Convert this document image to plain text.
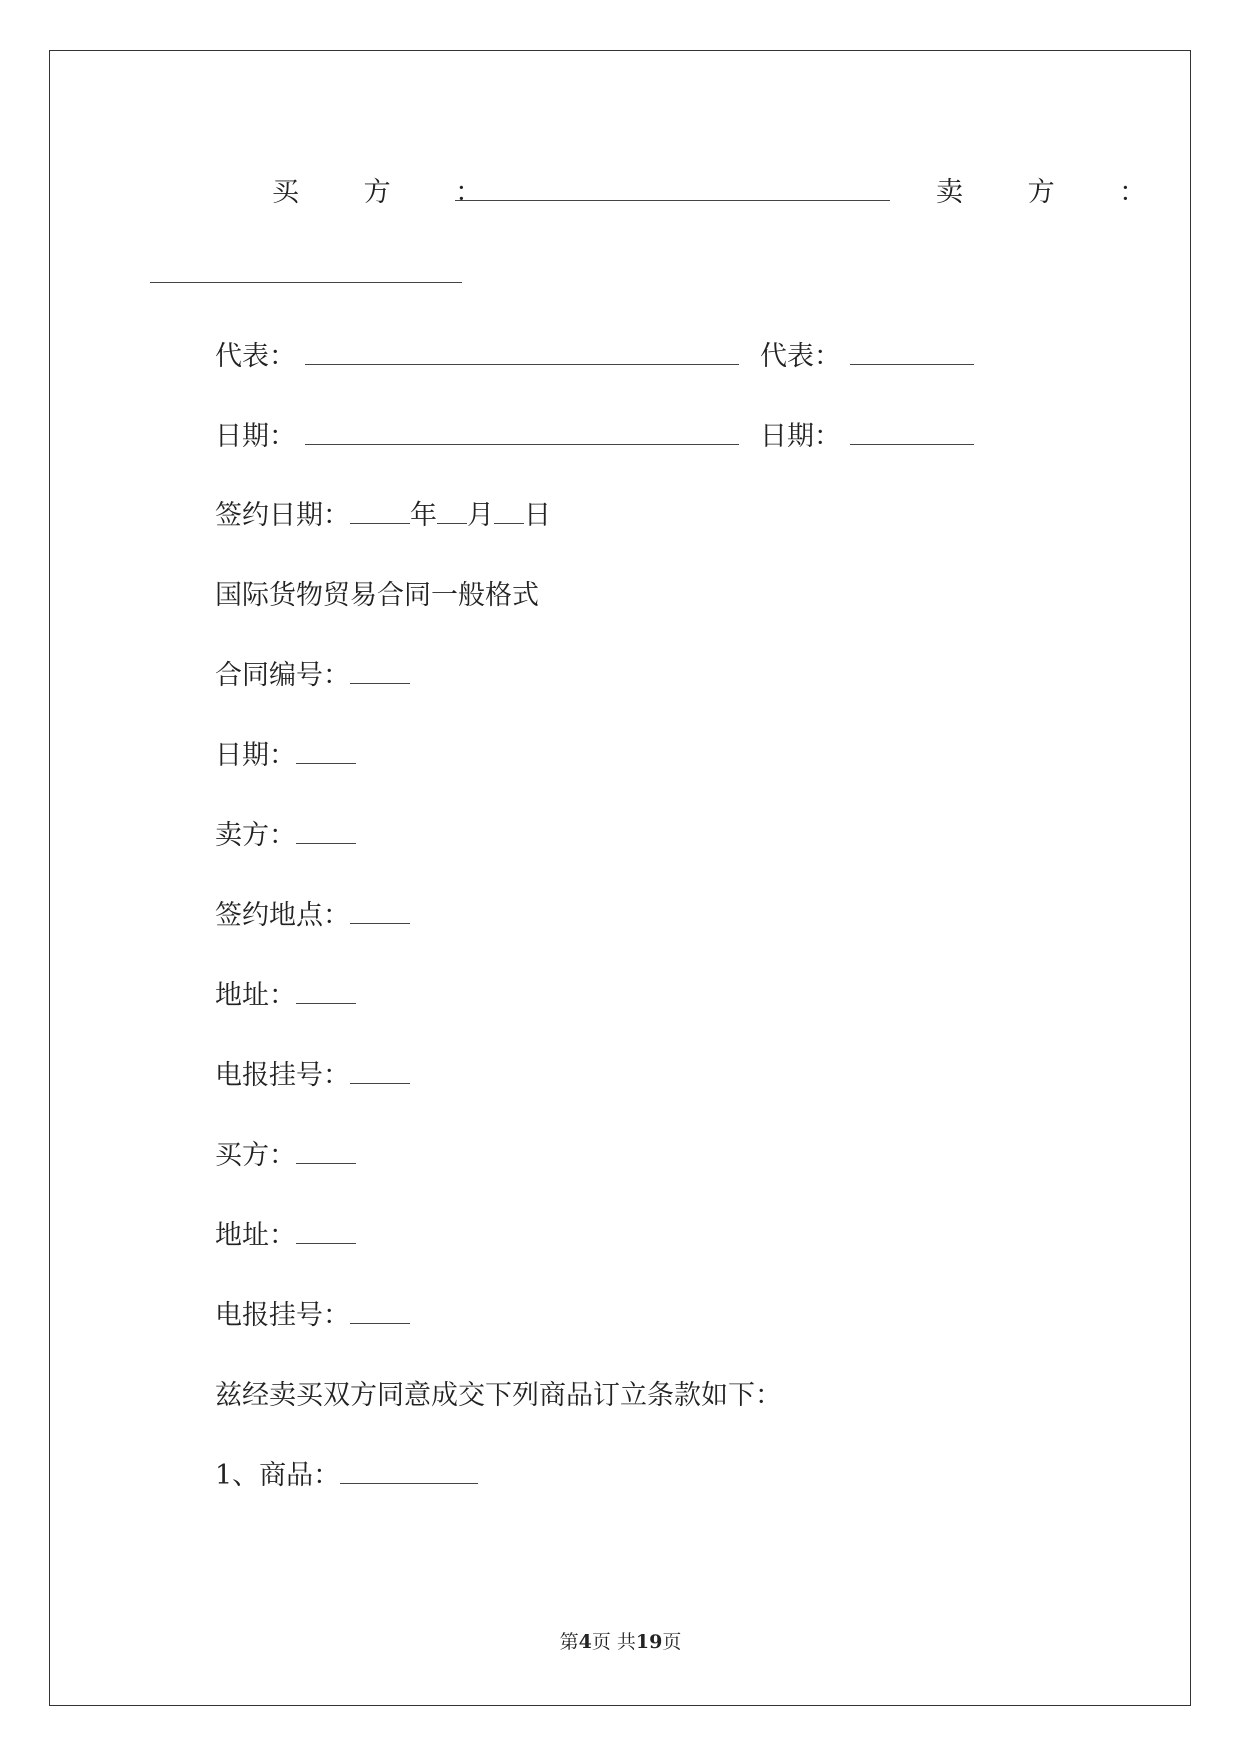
买 方 ：	卖 方 ：
代表：	代表：
日期：	日期：
签约日期： 年 月 日
国际货物贸易合同一般格式
合同编号：
日期：
卖方：
签约地点：
地址：
电报挂号：
买方：
地址：
电报挂号：
兹经卖买双方同意成交下列商品订立条款如下：
1、商品：
第4页 共19页
